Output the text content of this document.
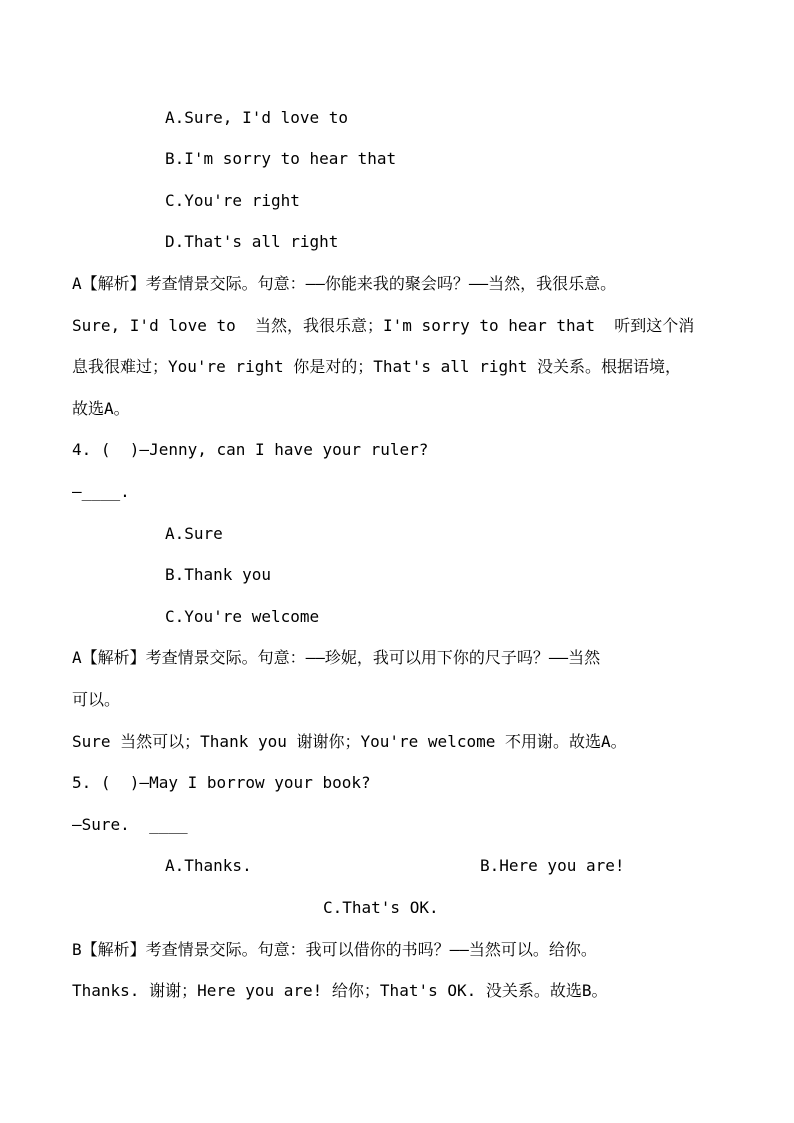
A.Sure, I'd love to
B.I'm sorry to hear that
C.You're right
D.That's all right
A【解析】考查情景交际。句意：——你能来我的聚会吗？——当然，我很乐意。
Sure, I'd love to  当然，我很乐意；I'm sorry to hear that  听到这个消
息我很难过；You're right 你是对的；That's all right 没关系。根据语境，
故选A。
4. (  )—Jenny, can I have your ruler?
—____.
A.Sure
B.Thank you
C.You're welcome
A【解析】考查情景交际。句意：——珍妮，我可以用下你的尺子吗？——当然
可以。
Sure 当然可以；Thank you 谢谢你；You're welcome 不用谢。故选A。
5. (  )—May I borrow your book?
—Sure.  ____
A.Thanks.	B.Here you are!
C.That's OK.
B【解析】考查情景交际。句意：我可以借你的书吗？——当然可以。给你。
Thanks. 谢谢；Here you are! 给你；That's OK. 没关系。故选B。
